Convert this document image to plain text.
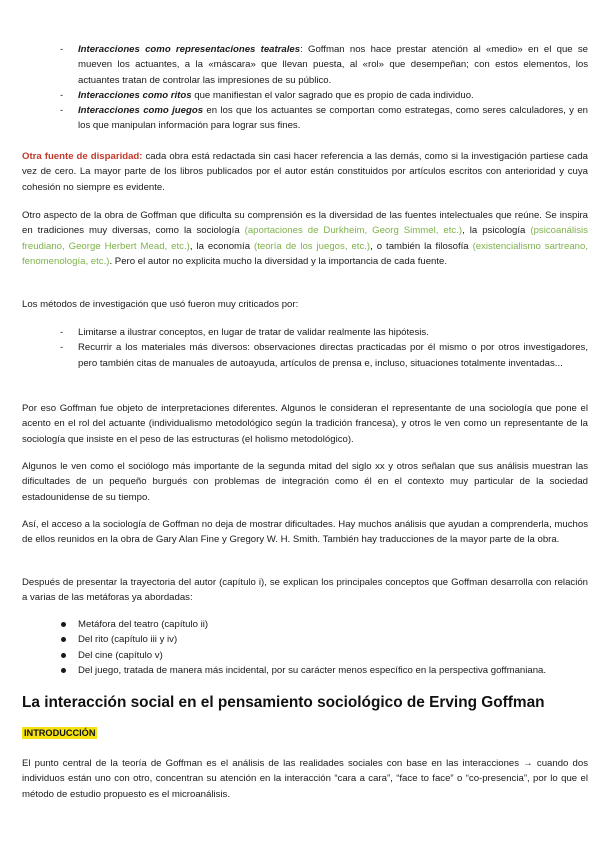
- Interacciones como representaciones teatrales: Goffman nos hace prestar atención al «medio» en el que se mueven los actuantes, a la «máscara» que llevan puesta, al «rol» que desempeñan; con estos elementos, los actuantes tratan de controlar las impresiones de su público.
- Interacciones como ritos que manifiestan el valor sagrado que es propio de cada individuo.
- Interacciones como juegos en los que los actuantes se comportan como estrategas, como seres calculadores, y en los que manipulan información para lograr sus fines.

Otra fuente de disparidad: cada obra está redactada sin casi hacer referencia a las demás, como si la investigación partiese cada vez de cero. La mayor parte de los libros publicados por el autor están constituidos por artículos escritos con anterioridad y cuya cohesión no siempre es evidente.

Otro aspecto de la obra de Goffman que dificulta su comprensión es la diversidad de las fuentes intelectuales que reúne. Se inspira en tradiciones muy diversas, como la sociología (aportaciones de Durkheim, Georg Simmel, etc.), la psicología (psicoanálisis freudiano, George Herbert Mead, etc.), la economía (teoría de los juegos, etc.), o también la filosofía (existencialismo sartreano, fenomenología, etc.). Pero el autor no explicita mucho la diversidad y la importancia de cada fuente.

Los métodos de investigación que usó fueron muy criticados por:

- Limitarse a ilustrar conceptos, en lugar de tratar de validar realmente las hipótesis.
- Recurrir a los materiales más diversos: observaciones directas practicadas por él mismo o por otros investigadores, pero también citas de manuales de autoayuda, artículos de prensa e, incluso, situaciones totalmente inventadas...

Por eso Goffman fue objeto de interpretaciones diferentes. Algunos le consideran el representante de una sociología que pone el acento en el rol del actuante (individualismo metodológico según la tradición francesa), y otros le ven como un representante de la sociología que insiste en el peso de las estructuras (el holismo metodológico).

Algunos le ven como el sociólogo más importante de la segunda mitad del siglo xx y otros señalan que sus análisis muestran las dificultades de un pequeño burgués con problemas de integración como él en el contexto muy particular de la sociedad estadounidense de su tiempo.

Así, el acceso a la sociología de Goffman no deja de mostrar dificultades. Hay muchos análisis que ayudan a comprenderla, muchos de ellos reunidos en la obra de Gary Alan Fine y Gregory W. H. Smith. También hay traducciones de la mayor parte de la obra.

Después de presentar la trayectoria del autor (capítulo i), se explican los principales conceptos que Goffman desarrolla con relación a varias de las metáforas ya abordadas:

Metáfora del teatro (capítulo ii)
Del rito (capítulo iii y iv)
Del cine (capítulo v)
Del juego, tratada de manera más incidental, por su carácter menos específico en la perspectiva goffmaniana.
La interacción social en el pensamiento sociológico de Erving Goffman
INTRODUCCIÓN

El punto central de la teoría de Goffman es el análisis de las realidades sociales con base en las interacciones → cuando dos individuos están uno con otro, concentran su atención en la interacción “cara a cara”, “face to face” o “co-presencia”, por lo que el método de estudio propuesto es el microanálisis.
